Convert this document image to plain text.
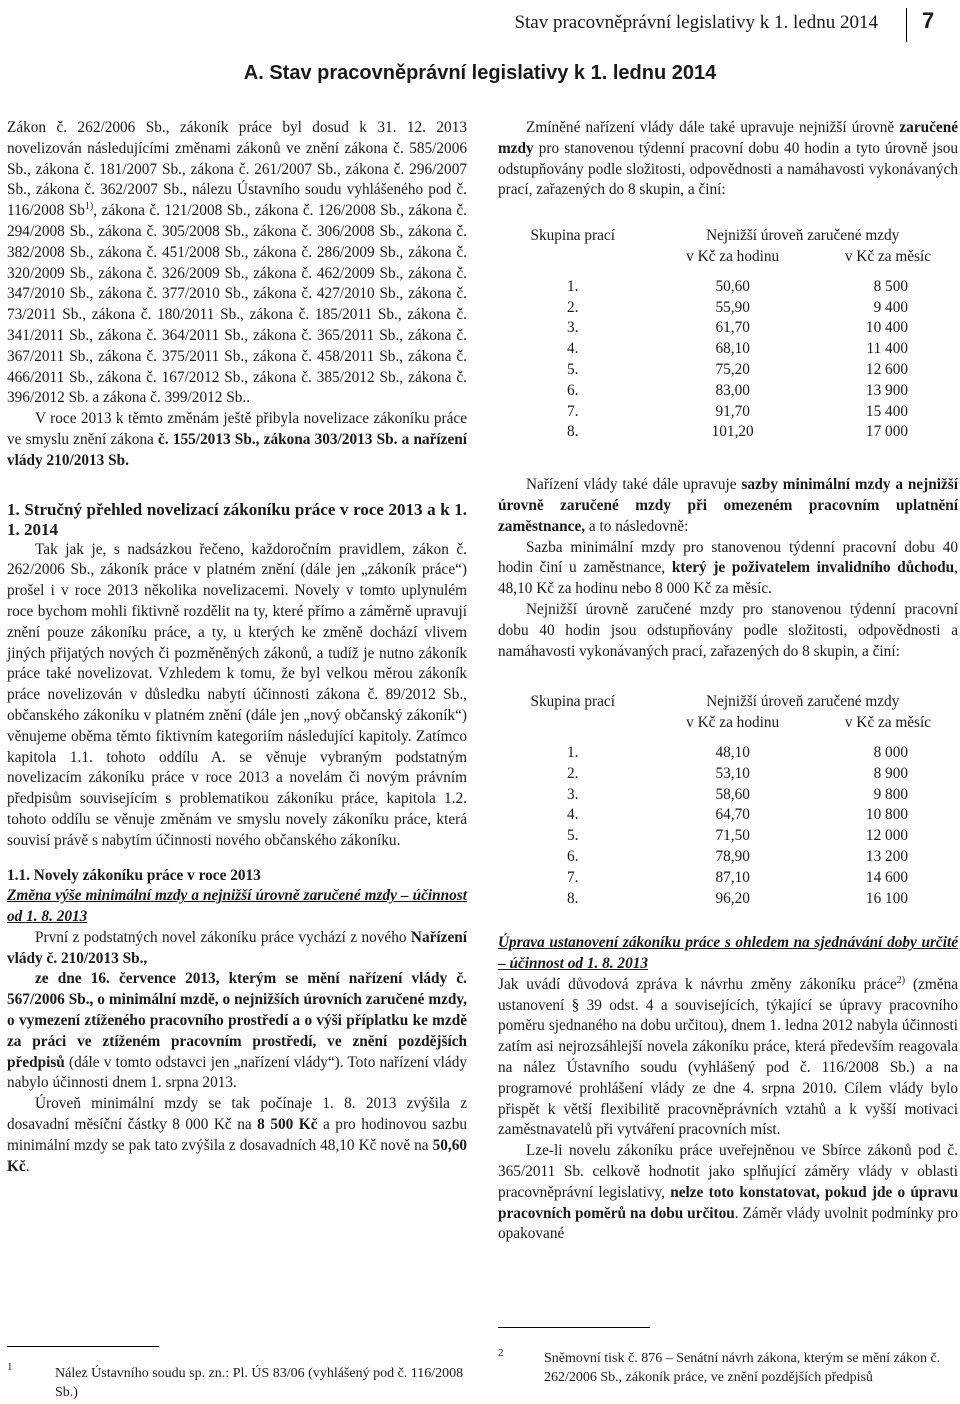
Stav pracovněprávní legislativy k 1. lednu 2014 7
A. Stav pracovněprávní legislativy k 1. lednu 2014

Zákon č. 262/2006 Sb., zákoník práce byl dosud k 31. 12. 2013 novelizován následujícími změnami zákonů ve znění zákona č. 585/2006 Sb., zákona č. 181/2007 Sb., zákona č. 261/2007 Sb., zákona č. 296/2007 Sb., zákona č. 362/2007 Sb., nálezu Ústavního soudu vyhlášeného pod č. 116/2008 Sb$^{1)}$, zákona č. 121/2008 Sb., zákona č. 126/2008 Sb., zákona č. 294/2008 Sb., zákona č. 305/2008 Sb., zákona č. 306/2008 Sb., zákona č. 382/2008 Sb., zákona č. 451/2008 Sb., zákona č. 286/2009 Sb., zákona č. 320/2009 Sb., zákona č. 326/2009 Sb., zákona č. 462/2009 Sb., zákona č. 347/2010 Sb., zákona č. 377/2010 Sb., zákona č. 427/2010 Sb., zákona č. 73/2011 Sb., zákona č. 180/2011 Sb., zákona č. 185/2011 Sb., zákona č. 341/2011 Sb., zákona č. 364/2011 Sb., zákona č. 365/2011 Sb., zákona č. 367/2011 Sb., zákona č. 375/2011 Sb., zákona č. 458/2011 Sb., zákona č. 466/2011 Sb., zákona č. 167/2012 Sb., zákona č. 385/2012 Sb., zákona č. 396/2012 Sb. a zákona č. 399/2012 Sb..

V roce 2013 k těmto změnám ještě přibyla novelizace zákoníku práce ve smyslu znění zákona č. 155/2013 Sb., zákona 303/2013 Sb. a nařízení vlády 210/2013 Sb.

1. Stručný přehled novelizací zákoníku práce v roce 2013 a k 1. 1. 2014

Tak jak je, s nadsázkou řečeno, každoročním pravidlem, zákon č. 262/2006 Sb., zákoník práce v platném znění (dále jen „zákoník práce“) prošel i v roce 2013 několika novelizacemi. Novely v tomto uplynulém roce bychom mohli fiktivně rozdělit na ty, které přímo a záměrně upravují znění pouze zákoníku práce, a ty, u kterých ke změně dochází vlivem jiných přijatých nových či pozměněných zákonů, a tudíž je nutno zákoník práce také novelizovat. Vzhledem k tomu, že byl velkou měrou zákoník práce novelizován v důsledku nabytí účinnosti zákona č. 89/2012 Sb., občanského zákoníku v platném znění (dále jen „nový občanský zákoník“) věnujeme oběma těmto fiktivním kategoriím následující kapitoly. Zatímco kapitola 1.1. tohoto oddílu A. se věnuje vybraným podstatným novelizacím zákoníku práce v roce 2013 a novelám či novým právním předpisům souvisejícím s problematikou zákoníku práce, kapitola 1.2. tohoto oddílu se věnuje změnám ve smyslu novely zákoníku práce, která souvisí právě s nabytím účinnosti nového občanského zákoníku.

1.1. Novely zákoníku práce v roce 2013

Změna výše minimální mzdy a nejnižší úrovně zaručené mzdy – účinnost od 1. 8. 2013

První z podstatných novel zákoníku práce vychází z nového Nařízení vlády č. 210/2013 Sb.,
ze dne 16. července 2013, kterým se mění nařízení vlády č. 567/2006 Sb., o minimální mzdě, o nejnižších úrovních zaručené mzdy, o vymezení ztíženého pracovního prostředí a o výši příplatku ke mzdě za práci ve ztíženém pracovním prostředí, ve znění pozdějších předpisů (dále v tomto odstavci jen „nařízení vlády“). Toto nařízení vlády nabylo účinnosti dnem 1. srpna 2013.

Úroveň minimální mzdy se tak počínaje 1. 8. 2013 zvýšila z dosavadní měsíční částky 8 000 Kč na 8 500 Kč a pro hodinovou sazbu minimální mzdy se pak tato zvýšila z dosavadních 48,10 Kč nově na 50,60 Kč.

1	Nález Ústavního soudu sp. zn.: Pl. ÚS 83/06 (vyhlášený pod č. 116/2008 Sb.)

Zmíněné nařízení vlády dále také upravuje nejnižší úrovně zaručené mzdy pro stanovenou týdenní pracovní dobu 40 hodin a tyto úrovně jsou odstupňovány podle složitosti, odpovědnosti a namáhavosti vykonávaných prací, zařazených do 8 skupin, a činí:

Skupina prací	Nejnižší úroveň zaručené mzdy	
	v Kč za hodinu	v Kč za měsíc

1.	50,60	8 500
2.	55,90	9 400
3.	61,70	10 400
4.	68,10	11 400
5.	75,20	12 600
6.	83,00	13 900
7.	91,70	15 400
8.	101,20	17 000

Nařízení vlády také dále upravuje sazby minimální mzdy a nejnižší úrovně zaručené mzdy při omezeném pracovním uplatnění zaměstnance, a to následovně:

Sazba minimální mzdy pro stanovenou týdenní pracovní dobu 40 hodin činí u zaměstnance, který je poživatelem invalidního důchodu, 48,10 Kč za hodinu nebo 8 000 Kč za měsíc.

Nejnižší úrovně zaručené mzdy pro stanovenou týdenní pracovní dobu 40 hodin jsou odstupňovány podle složitosti, odpovědnosti a namáhavosti vykonávaných prací, zařazených do 8 skupin, a činí:

Skupina prací	Nejnižší úroveň zaručené mzdy	
	v Kč za hodinu	v Kč za měsíc

1.	48,10	8 000
2.	53,10	8 900
3.	58,60	9 800
4.	64,70	10 800
5.	71,50	12 000
6.	78,90	13 200
7.	87,10	14 600
8.	96,20	16 100

Úprava ustanovení zákoníku práce s ohledem na sjednávání doby určité – účinnost od 1. 8. 2013

Jak uvádí důvodová zpráva k návrhu změny zákoníku práce$^{2)}$ (změna ustanovení § 39 odst. 4 a souvisejících, týkající se úpravy pracovního poměru sjednaného na dobu určitou), dnem 1. ledna 2012 nabyla účinnosti zatím asi nejrozsáhlejší novela zákoníku práce, která především reagovala na nález Ústavního soudu (vyhlášený pod č. 116/2008 Sb.) a na programové prohlášení vlády ze dne 4. srpna 2010. Cílem vlády bylo přispět k větší flexibilitě pracovněprávních vztahů a k vyšší motivaci zaměstnavatelů při vytváření pracovních míst.

Lze-li novelu zákoníku práce uveřejněnou ve Sbírce zákonů pod č. 365/2011 Sb. celkově hodnotit jako splňující záměry vlády v oblasti pracovněprávní legislativy, nelze toto konstatovat, pokud jde o úpravu pracovních poměrů na dobu určitou. Záměr vlády uvolnit podmínky pro opakované

2	Sněmovní tisk č. 876 – Senátní návrh zákona, kterým se mění zákon č. 262/2006 Sb., zákoník práce, ve znění pozdějších předpisů
